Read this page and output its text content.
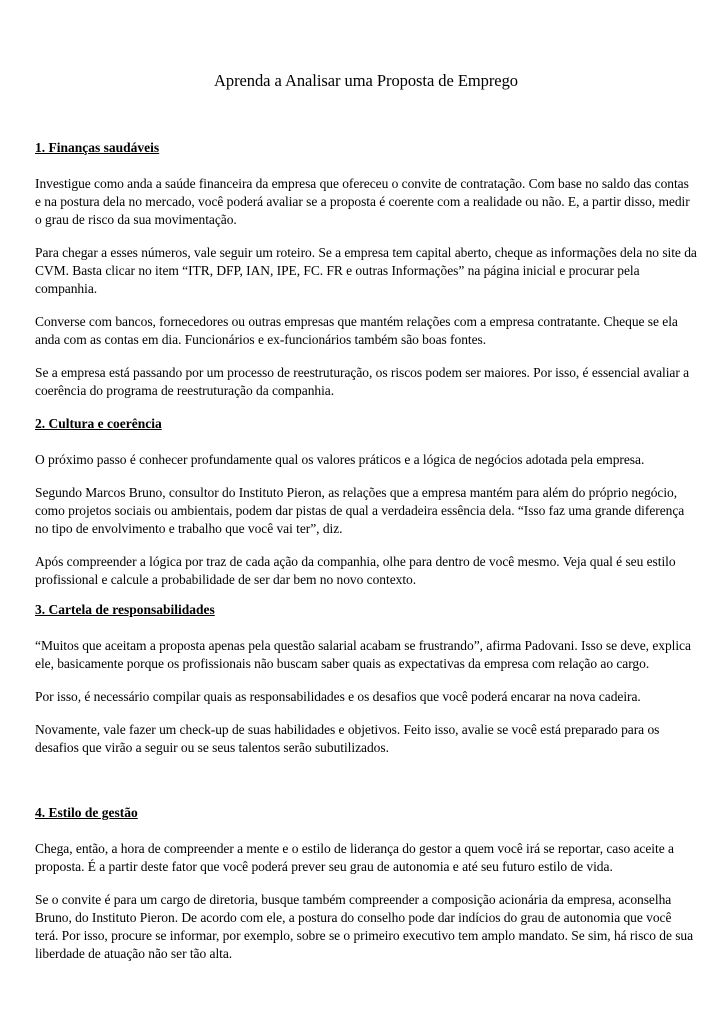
Aprenda a Analisar uma Proposta de Emprego
1. Finanças saudáveis

Investigue como anda a saúde financeira da empresa que ofereceu o convite de contratação. Com base no saldo das contas e na postura dela no mercado, você poderá avaliar se a proposta é coerente com a realidade ou não. E, a partir disso, medir o grau de risco da sua movimentação.

Para chegar a esses números, vale seguir um roteiro. Se a empresa tem capital aberto, cheque as informações dela no site da CVM. Basta clicar no item “ITR, DFP, IAN, IPE, FC. FR e outras Informações” na página inicial e procurar pela companhia.

Converse com bancos, fornecedores ou outras empresas que mantém relações com a empresa contratante. Cheque se ela anda com as contas em dia. Funcionários e ex-funcionários também são boas fontes.

Se a empresa está passando por um processo de reestruturação, os riscos podem ser maiores. Por isso, é essencial avaliar a coerência do programa de reestruturação da companhia.

2. Cultura e coerência

O próximo passo é conhecer profundamente qual os valores práticos e a lógica de negócios adotada pela empresa.

Segundo Marcos Bruno, consultor do Instituto Pieron, as relações que a empresa mantém para além do próprio negócio, como projetos sociais ou ambientais, podem dar pistas de qual a verdadeira essência dela. “Isso faz uma grande diferença no tipo de envolvimento e trabalho que você vai ter”, diz.

Após compreender a lógica por traz de cada ação da companhia, olhe para dentro de você mesmo. Veja qual é seu estilo profissional e calcule a probabilidade de ser dar bem no novo contexto.

3. Cartela de responsabilidades

“Muitos que aceitam a proposta apenas pela questão salarial acabam se frustrando”, afirma Padovani. Isso se deve, explica ele, basicamente porque os profissionais não buscam saber quais as expectativas da empresa com relação ao cargo.

Por isso, é necessário compilar quais as responsabilidades e os desafios que você poderá encarar na nova cadeira.

Novamente, vale fazer um check-up de suas habilidades e objetivos. Feito isso, avalie se você está preparado para os desafios que virão a seguir ou se seus talentos serão subutilizados.

4. Estilo de gestão

Chega, então, a hora de compreender a mente e o estilo de liderança do gestor a quem você irá se reportar, caso aceite a proposta. É a partir deste fator que você poderá prever seu grau de autonomia e até seu futuro estilo de vida.

Se o convite é para um cargo de diretoria, busque também compreender a composição acionária da empresa, aconselha Bruno, do Instituto Pieron. De acordo com ele, a postura do conselho pode dar indícios do grau de autonomia que você terá. Por isso, procure se informar, por exemplo, sobre se o primeiro executivo tem amplo mandato. Se sim, há risco de sua liberdade de atuação não ser tão alta.
